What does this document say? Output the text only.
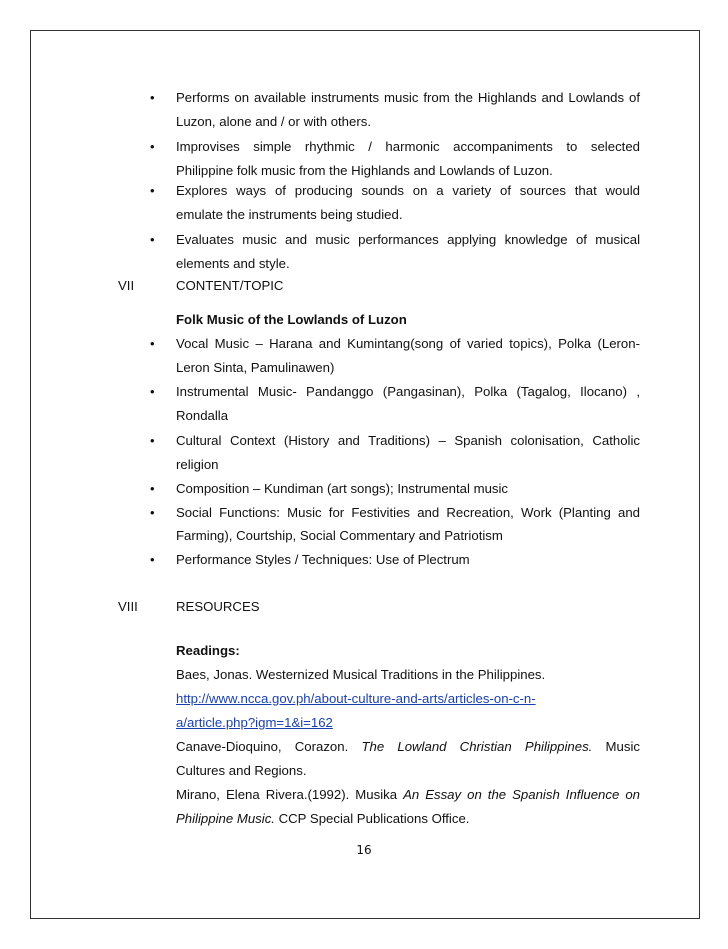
• Performs on available instruments music from the Highlands and Lowlands of
Luzon, alone and / or with others.
• Improvises simple rhythmic / harmonic accompaniments to selected
Philippine folk music from the Highlands and Lowlands of Luzon.
• Explores ways of producing sounds on a variety of sources that would
emulate the instruments being studied.
• Evaluates music and music performances applying knowledge of musical
elements and style.
VII	CONTENT/TOPIC
Folk Music of the Lowlands of Luzon
• Vocal Music – Harana and Kumintang(song of varied topics), Polka (Leron-
Leron Sinta, Pamulinawen)
• Instrumental Music- Pandanggo (Pangasinan), Polka (Tagalog, Ilocano) ,
Rondalla
• Cultural Context (History and Traditions) – Spanish colonisation, Catholic
religion
• Composition – Kundiman (art songs); Instrumental music
• Social Functions: Music for Festivities and Recreation, Work (Planting and
Farming), Courtship, Social Commentary and Patriotism
• Performance Styles / Techniques: Use of Plectrum
VIII	RESOURCES
Readings:
Baes, Jonas. Westernized Musical Traditions in the Philippines.
http://www.ncca.gov.ph/about-culture-and-arts/articles-on-c-n-
a/article.php?igm=1&i=162
Canave-Dioquino, Corazon. The Lowland Christian Philippines. Music
Cultures and Regions.
Mirano, Elena Rivera.(1992). Musika An Essay on the Spanish Influence on
Philippine Music. CCP Special Publications Office.
16
